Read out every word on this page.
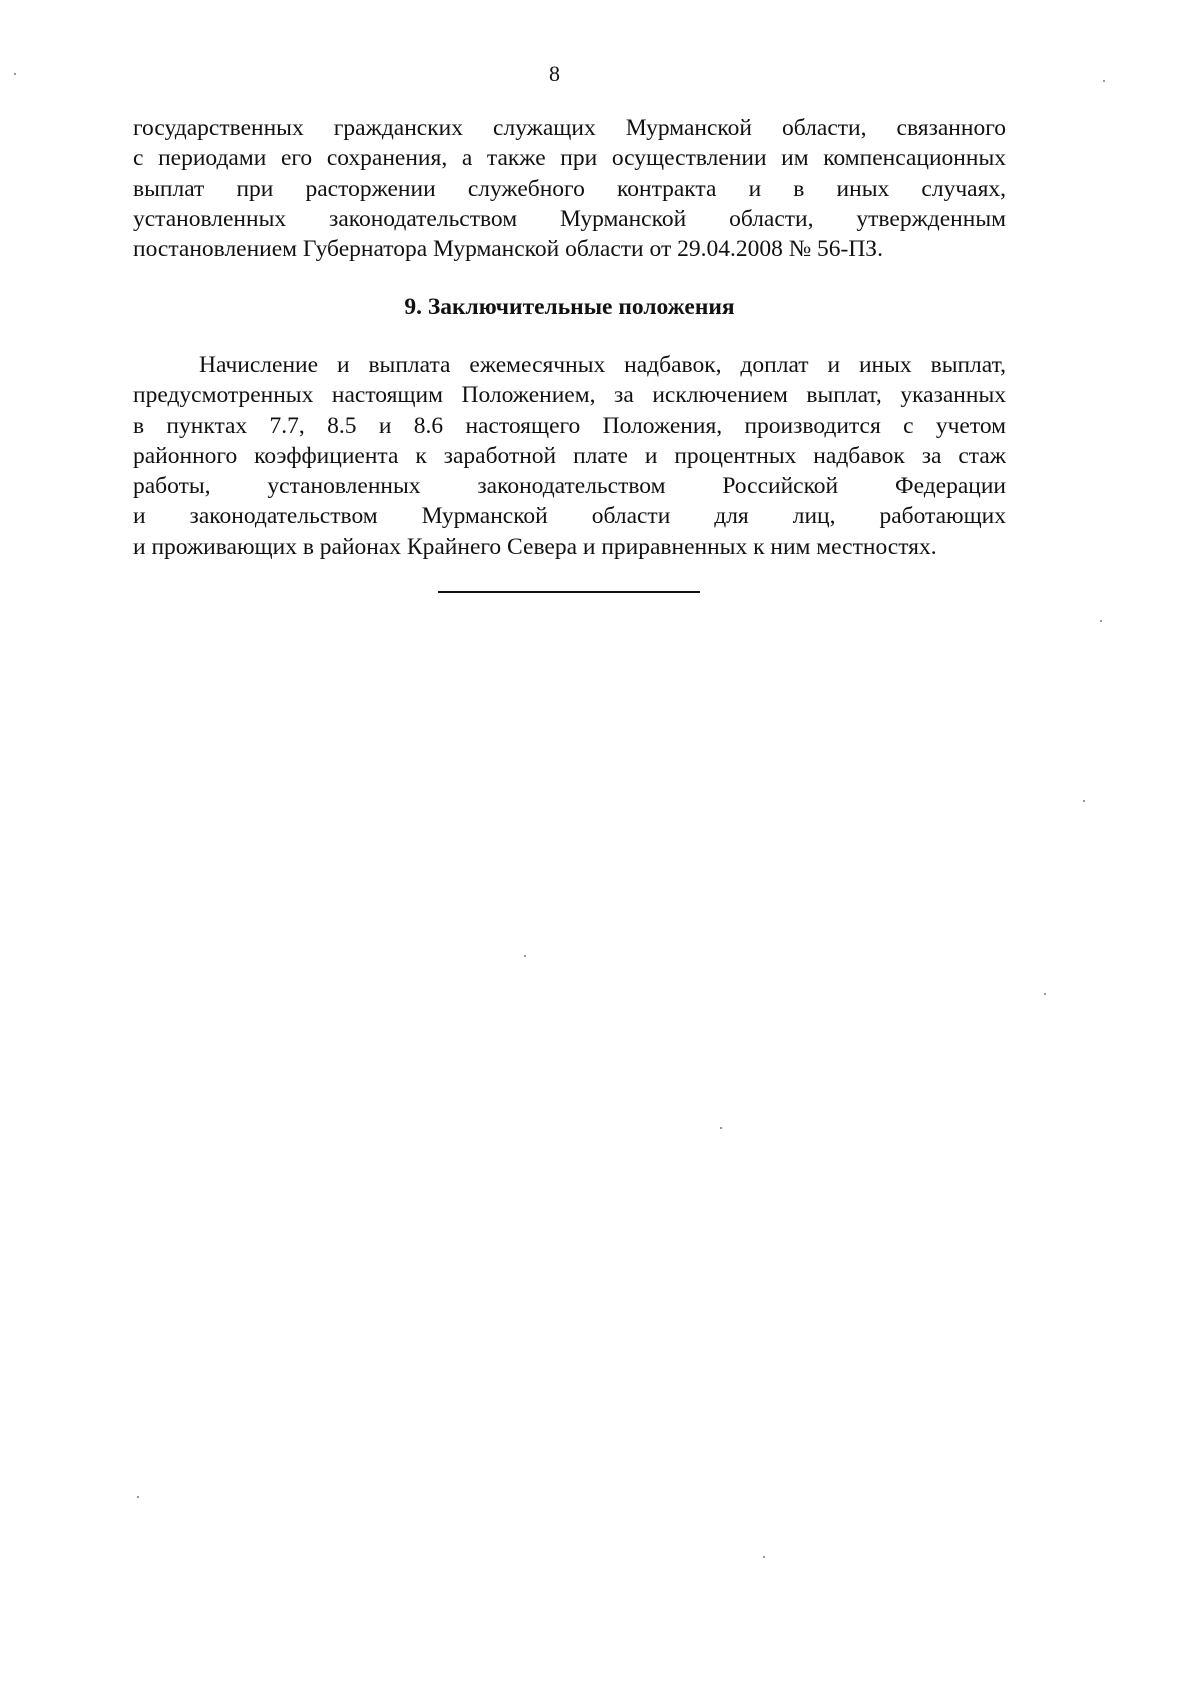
8
государственных гражданских служащих Мурманской области, связанного
с периодами его сохранения, а также при осуществлении им компенсационных
выплат при расторжении служебного контракта и в иных случаях,
установленных законодательством Мурманской области, утвержденным
постановлением Губернатора Мурманской области от 29.04.2008 № 56-ПЗ.
9. Заключительные положения
Начисление и выплата ежемесячных надбавок, доплат и иных выплат,
предусмотренных настоящим Положением, за исключением выплат, указанных
в пунктах 7.7, 8.5 и 8.6 настоящего Положения, производится с учетом
районного коэффициента к заработной плате и процентных надбавок за стаж
работы, установленных законодательством Российской Федерации
и законодательством Мурманской области для лиц, работающих
и проживающих в районах Крайнего Севера и приравненных к ним местностях.
